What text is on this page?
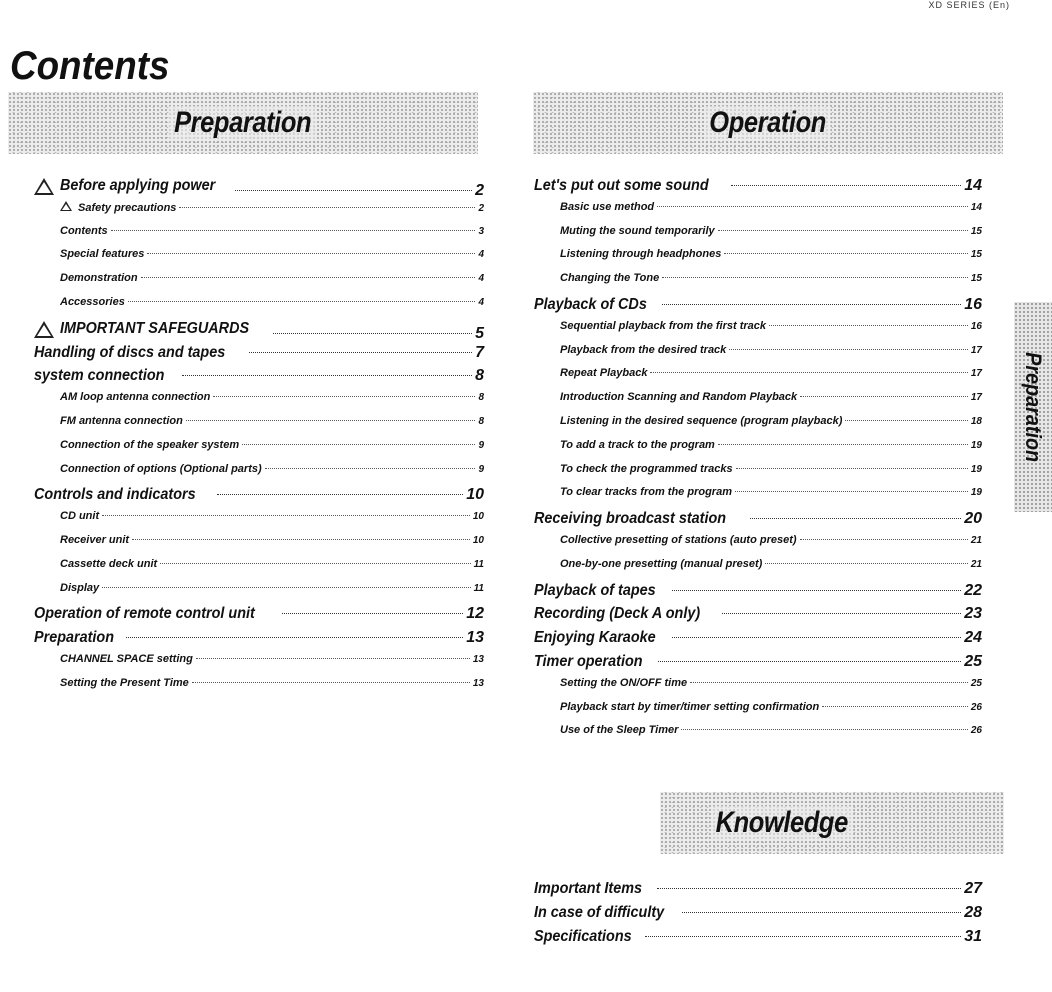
XD SERIES (En)
Contents
Preparation	Operation
Knowledge
Before applying power	2
Safety precautions	2
Contents	3
Special features	4
Demonstration	4
Accessories	4
IMPORTANT SAFEGUARDS	5
Handling of discs and tapes	7
system connection	8
AM loop antenna connection	8
FM antenna connection	8
Connection of the speaker system	9
Connection of options (Optional parts)	9
Controls and indicators	10
CD unit	10
Receiver unit	10
Cassette deck unit	11
Display	11
Operation of remote control unit	12
Preparation	13
CHANNEL SPACE setting	13
Setting the Present Time	13
Let's put out some sound	14
Basic use method	14
Muting the sound temporarily	15
Listening through headphones	15
Changing the Tone	15
Playback of CDs	16
Sequential playback from the first track	16
Playback from the desired track	17
Repeat Playback	17
Introduction Scanning and Random Playback	17
Listening in the desired sequence (program playback)	18
To add a track to the program	19
To check the programmed tracks	19
To clear tracks from the program	19
Receiving broadcast station	20
Collective presetting of stations (auto preset)	21
One-by-one presetting (manual preset)	21
Playback of tapes	22
Recording (Deck A only)	23
Enjoying Karaoke	24
Timer operation	25
Setting the ON/OFF time	25
Playback start by timer/timer setting confirmation	26
Use of the Sleep Timer	26
Important Items	27
In case of difficulty	28
Specifications	31
Preparation
